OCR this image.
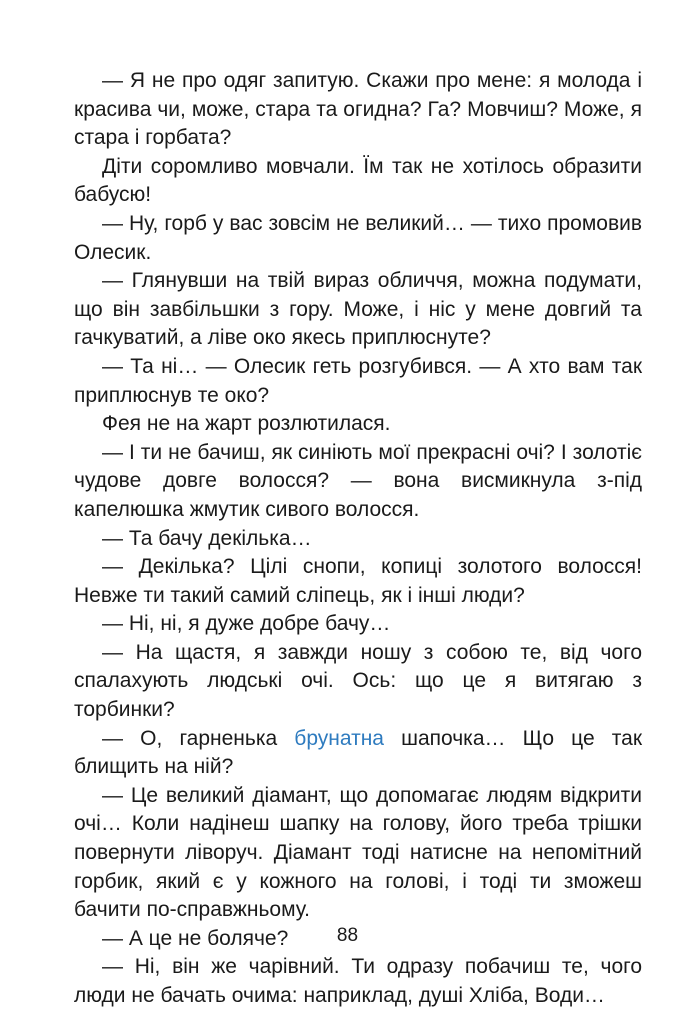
— Я не про одяг запитую. Скажи про мене: я молода і красива чи, може, стара та огидна? Га? Мовчиш? Може, я стара і горбата?

Діти соромливо мовчали. Їм так не хотілось образити бабусю!

— Ну, горб у вас зовсім не великий… — тихо промовив Олесик.

— Глянувши на твій вираз обличчя, можна подумати, що він завбільшки з гору. Може, і ніс у мене довгий та гачкуватий, а ліве око якесь приплюснуте?

— Та ні… — Олесик геть розгубився. — А хто вам так приплюснув те око?

Фея не на жарт розлютилася.

— І ти не бачиш, як синіють мої прекрасні очі? І золотіє чудове довге волосся? — вона висмикнула з-під капелюшка жмутик сивого волосся.

— Та бачу декілька…

— Декілька? Цілі снопи, копиці золотого волосся! Невже ти такий самий сліпець, як і інші люди?

— Ні, ні, я дуже добре бачу…

— На щастя, я завжди ношу з собою те, від чого спалахують людські очі. Ось: що це я витягаю з торбинки?

— О, гарненька брунатна шапочка… Що це так блищить на ній?

— Це великий діамант, що допомагає людям відкрити очі… Коли надінеш шапку на голову, його треба трішки повернути ліворуч. Діамант тоді натисне на непомітний горбик, який є у кожного на голові, і тоді ти зможеш бачити по-справжньому.

— А це не боляче?

— Ні, він же чарівний. Ти одразу побачиш те, чого люди не бачать очима: наприклад, душі Хліба, Води…

88
